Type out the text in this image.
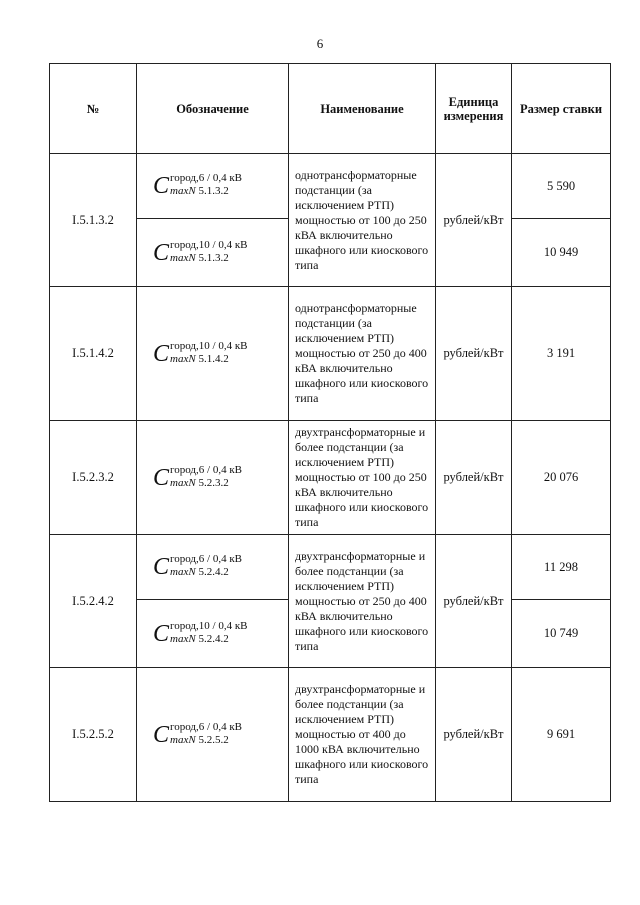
6
№	Обозначение	Наименование	Единица измерения	Размер ставки
I.5.1.3.2	C город,6 / 0,4 кВ
maxN 5.1.3.2	однотрансформаторные подстанции (за исключением РТП) мощностью от 100 до 250 кВА включительно шкафного или киоскового типа	рублей/кВт	5 590

	C город,10 / 0,4 кВ
maxN 5.1.3.2			10 949
I.5.1.4.2	C город,10 / 0,4 кВ
maxN 5.1.4.2	однотрансформаторные подстанции (за исключением РТП) мощностью от 250 до 400 кВА включительно шкафного или киоскового типа	рублей/кВт	3 191
I.5.2.3.2	C город,6 / 0,4 кВ
maxN 5.2.3.2	двухтрансформаторные и более подстанции (за исключением РТП) мощностью от 100 до 250 кВА включительно шкафного или киоскового типа	рублей/кВт	20 076
I.5.2.4.2	C город,6 / 0,4 кВ
maxN 5.2.4.2	двухтрансформаторные и более подстанции (за исключением РТП) мощностью от 250 до 400 кВА включительно шкафного или киоскового типа	рублей/кВт	11 298

	C город,10 / 0,4 кВ
maxN 5.2.4.2			10 749
I.5.2.5.2	C город,6 / 0,4 кВ
maxN 5.2.5.2	двухтрансформаторные и более подстанции (за исключением РТП) мощностью от 400 до 1000 кВА включительно шкафного или киоскового типа	рублей/кВт	9 691
